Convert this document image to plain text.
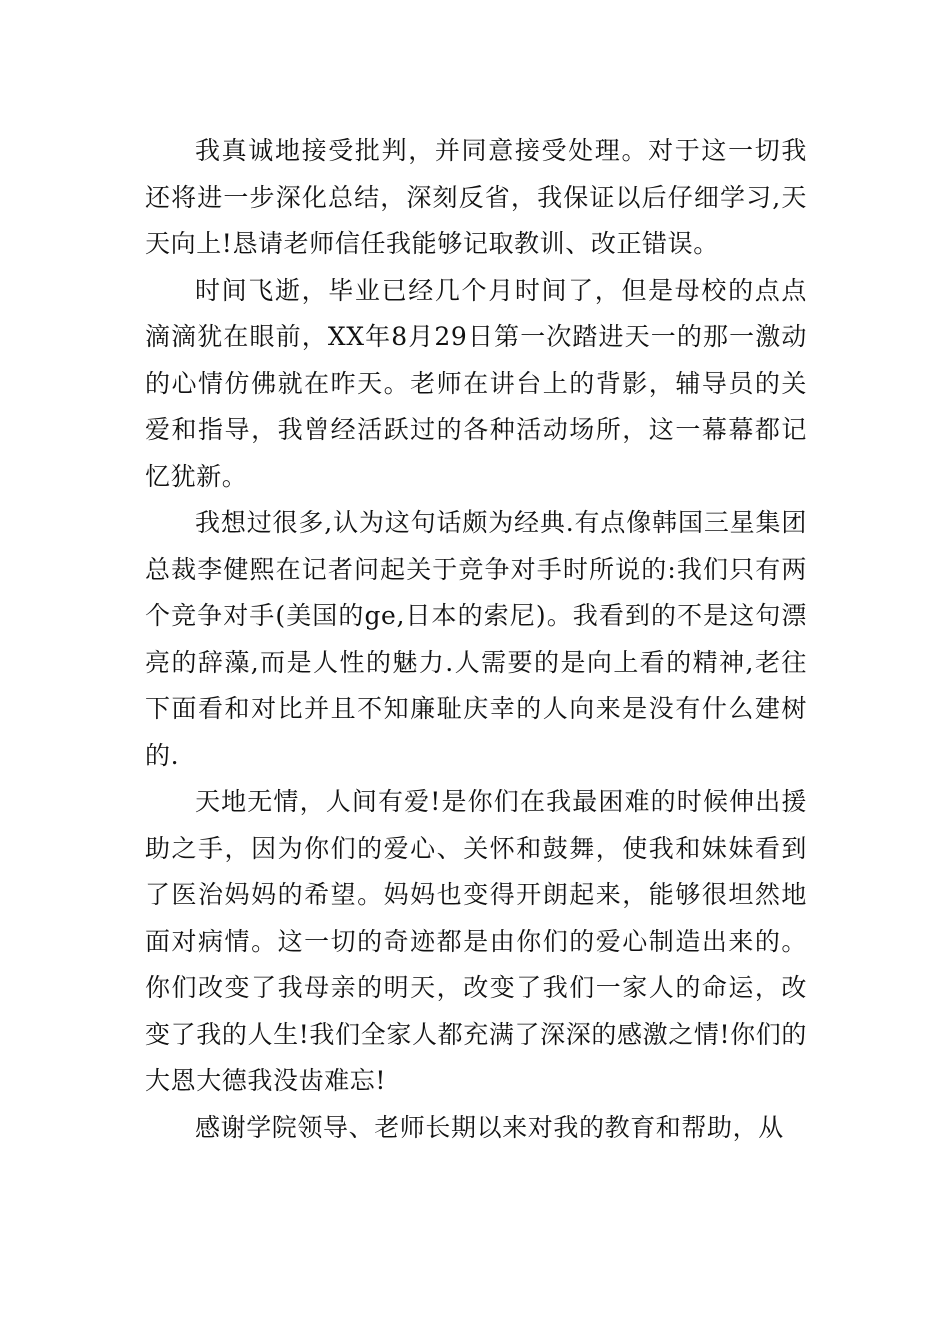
我真诚地接受批判，并同意接受处理。对于这一切我还将进一步深化总结，深刻反省，我保证以后仔细学习,天天向上!恳请老师信任我能够记取教训、改正错误。

时间飞逝，毕业已经几个月时间了，但是母校的点点滴滴犹在眼前，XX年8月29日第一次踏进天一的那一激动的心情仿佛就在昨天。老师在讲台上的背影，辅导员的关爱和指导，我曾经活跃过的各种活动场所，这一幕幕都记忆犹新。

我想过很多,认为这句话颇为经典.有点像韩国三星集团总裁李健熙在记者问起关于竞争对手时所说的:我们只有两个竞争对手(美国的ge,日本的索尼)。我看到的不是这句漂亮的辞藻,而是人性的魅力.人需要的是向上看的精神,老往下面看和对比并且不知廉耻庆幸的人向来是没有什么建树的.

天地无情，人间有爱!是你们在我最困难的时候伸出援助之手，因为你们的爱心、关怀和鼓舞，使我和妹妹看到了医治妈妈的希望。妈妈也变得开朗起来，能够很坦然地面对病情。这一切的奇迹都是由你们的爱心制造出来的。你们改变了我母亲的明天，改变了我们一家人的命运，改变了我的人生!我们全家人都充满了深深的感激之情!你们的大恩大德我没齿难忘!

感谢学院领导、老师长期以来对我的教育和帮助，从
